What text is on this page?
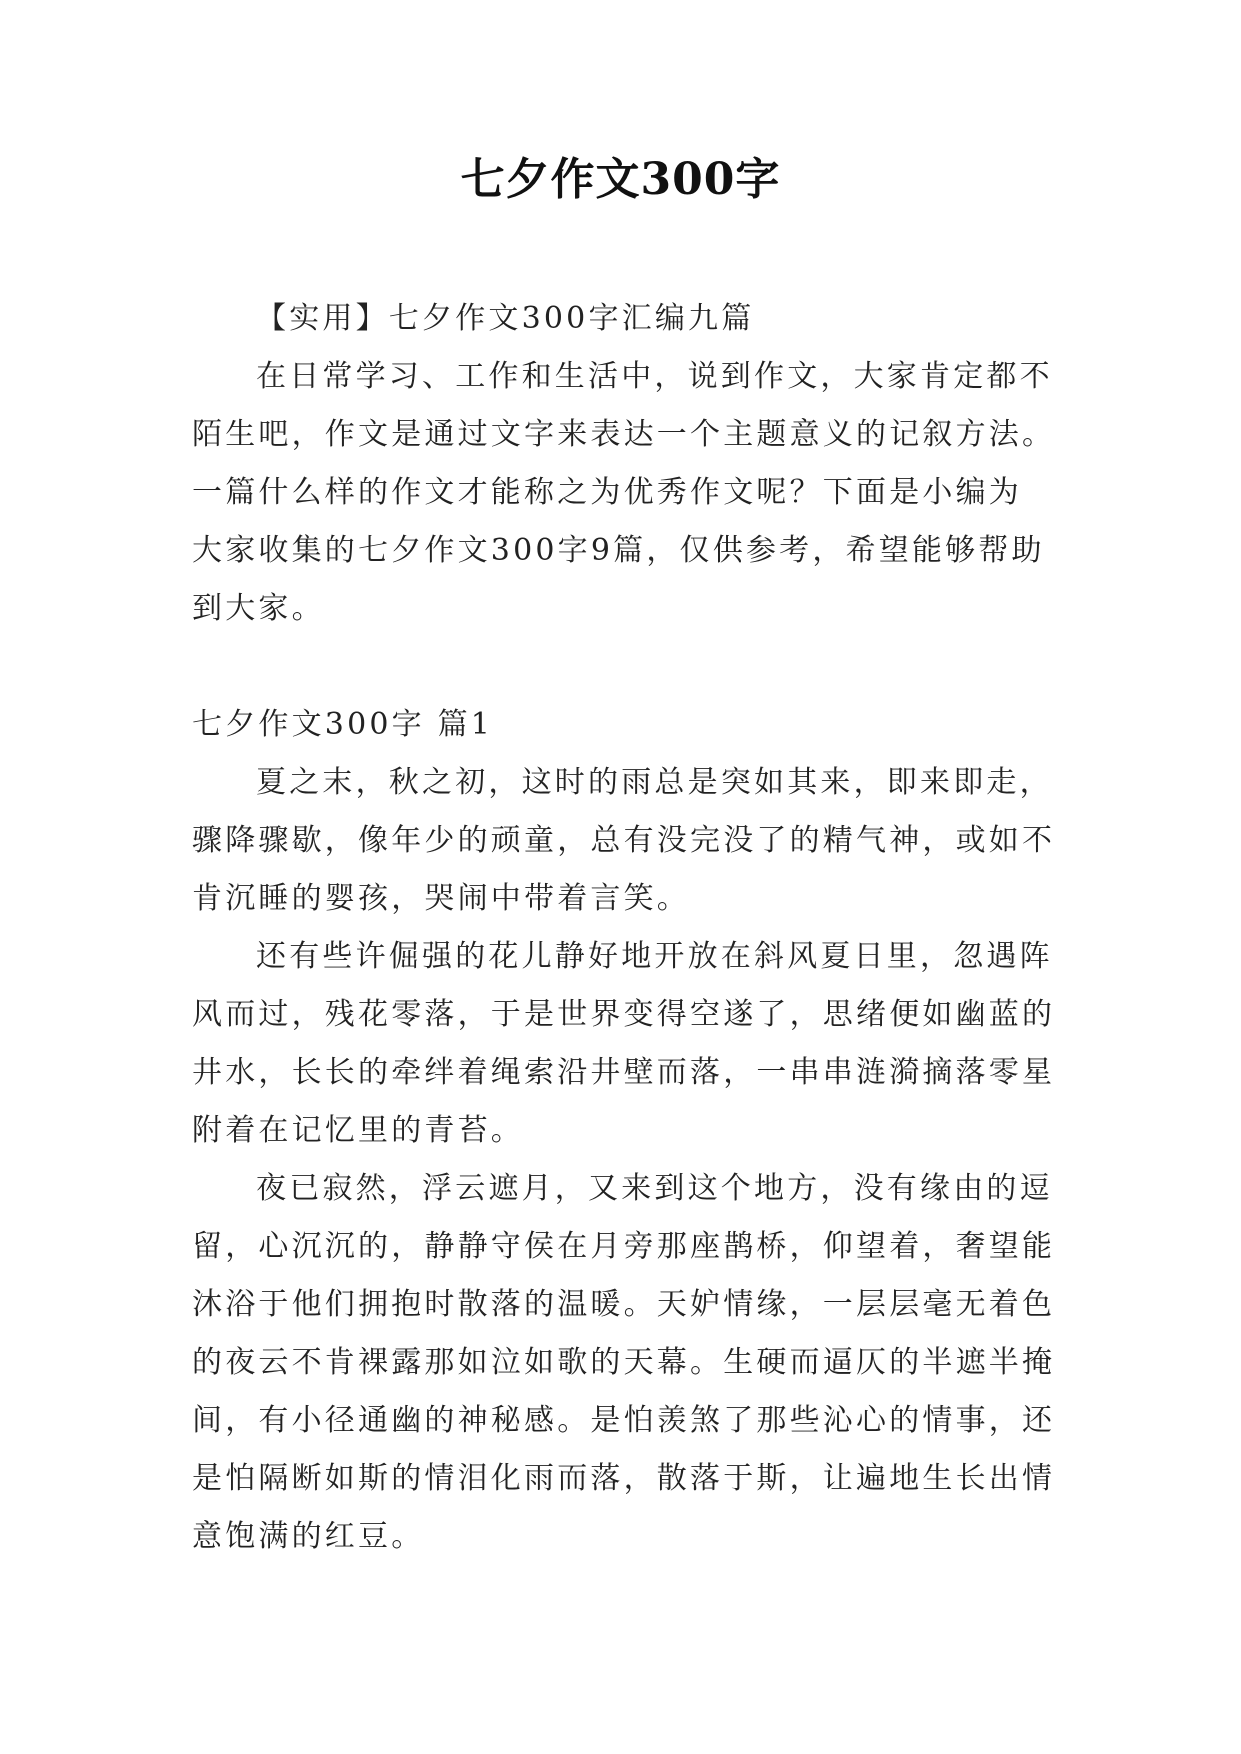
七夕作文300字
【实用】七夕作文300字汇编九篇
在日常学习、工作和生活中，说到作文，大家肯定都不
陌生吧，作文是通过文字来表达一个主题意义的记叙方法。
一篇什么样的作文才能称之为优秀作文呢？下面是小编为
大家收集的七夕作文300字9篇，仅供参考，希望能够帮助
到大家。
七夕作文300字 篇1
夏之末，秋之初，这时的雨总是突如其来，即来即走，
骤降骤歇，像年少的顽童，总有没完没了的精气神，或如不
肯沉睡的婴孩，哭闹中带着言笑。
还有些许倔强的花儿静好地开放在斜风夏日里，忽遇阵
风而过，残花零落，于是世界变得空遂了，思绪便如幽蓝的
井水，长长的牵绊着绳索沿井壁而落，一串串涟漪摘落零星
附着在记忆里的青苔。
夜已寂然，浮云遮月，又来到这个地方，没有缘由的逗
留，心沉沉的，静静守侯在月旁那座鹊桥，仰望着，奢望能
沐浴于他们拥抱时散落的温暖。天妒情缘，一层层毫无着色
的夜云不肯裸露那如泣如歌的天幕。生硬而逼仄的半遮半掩
间，有小径通幽的神秘感。是怕羡煞了那些沁心的情事，还
是怕隔断如斯的情泪化雨而落，散落于斯，让遍地生长出情
意饱满的红豆。
